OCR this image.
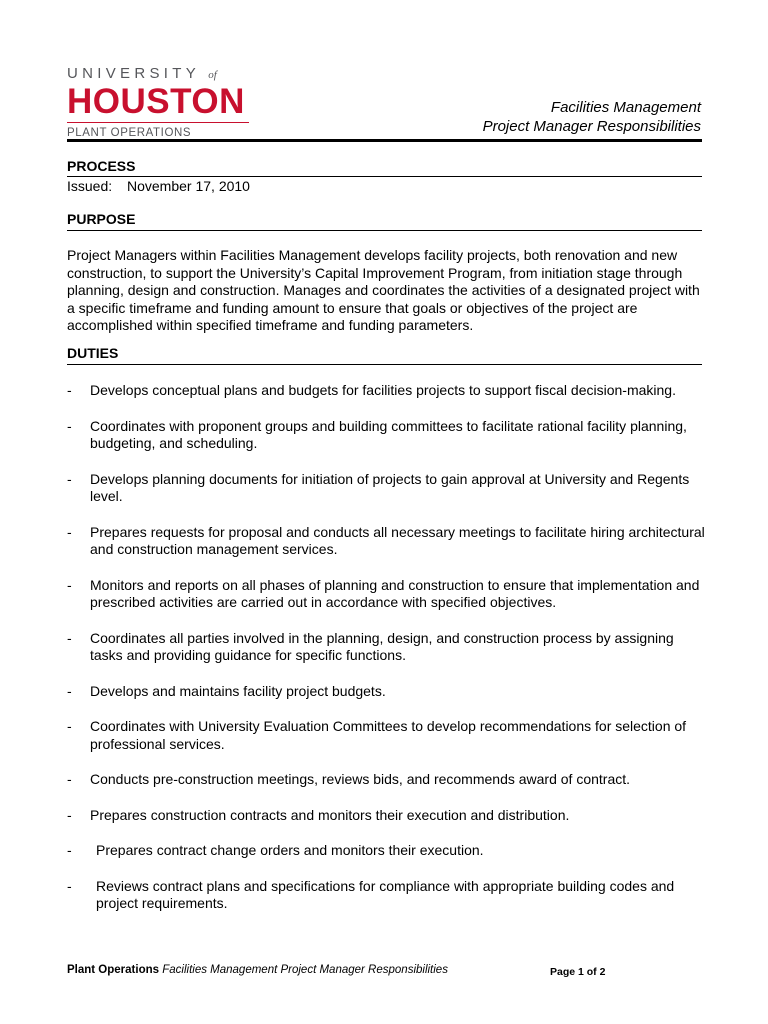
UNIVERSITY of
HOUSTON
PLANT OPERATIONS
Facilities Management
Project Manager Responsibilities
PROCESS
Issued: November 17, 2010
PURPOSE
Project Managers within Facilities Management develops facility projects, both renovation and new
construction, to support the University’s Capital Improvement Program, from initiation stage through
planning, design and construction. Manages and coordinates the activities of a designated project with
a specific timeframe and funding amount to ensure that goals or objectives of the project are
accomplished within specified timeframe and funding parameters.
DUTIES
- Develops conceptual plans and budgets for facilities projects to support fiscal decision-making.
- Coordinates with proponent groups and building committees to facilitate rational facility planning,
budgeting, and scheduling.
- Develops planning documents for initiation of projects to gain approval at University and Regents
level.
- Prepares requests for proposal and conducts all necessary meetings to facilitate hiring architectural
and construction management services.
- Monitors and reports on all phases of planning and construction to ensure that implementation and
prescribed activities are carried out in accordance with specified objectives.
- Coordinates all parties involved in the planning, design, and construction process by assigning
tasks and providing guidance for specific functions.
- Develops and maintains facility project budgets.
- Coordinates with University Evaluation Committees to develop recommendations for selection of
professional services.
- Conducts pre-construction meetings, reviews bids, and recommends award of contract.
- Prepares construction contracts and monitors their execution and distribution.
- Prepares contract change orders and monitors their execution.
- Reviews contract plans and specifications for compliance with appropriate building codes and
project requirements.
Plant Operations Facilities Management Project Manager Responsibilities	Page 1 of 2
